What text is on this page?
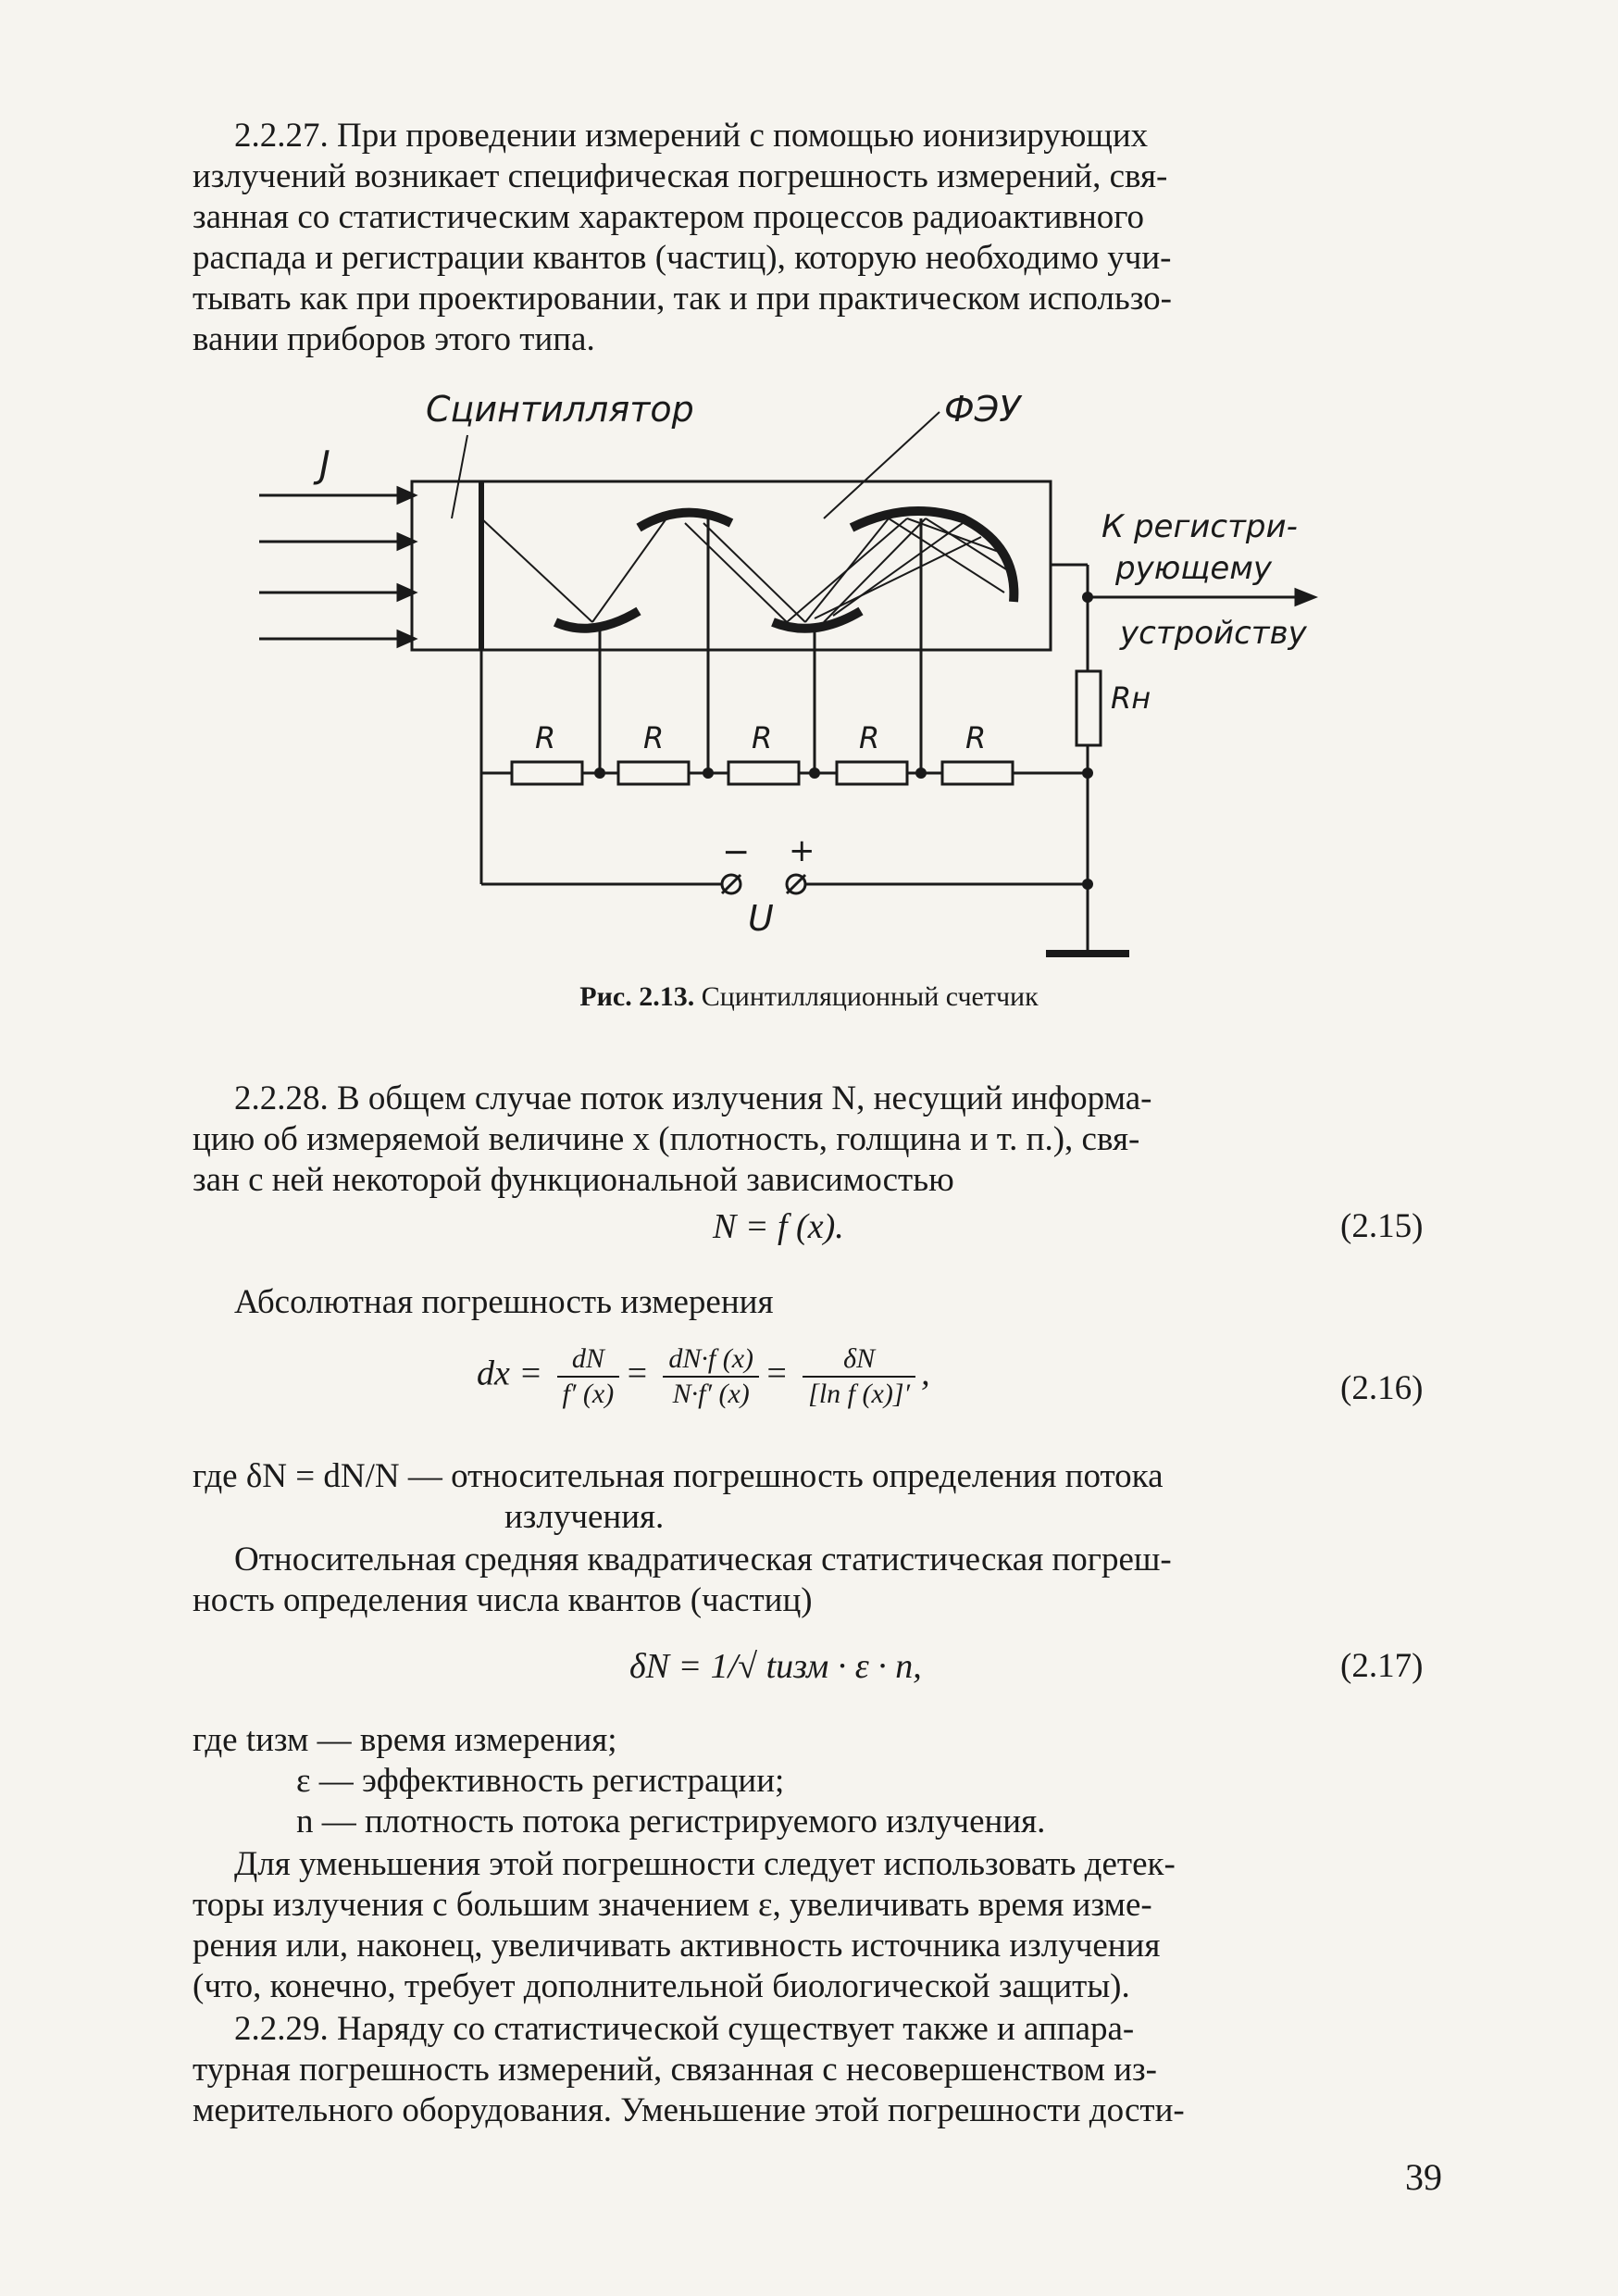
2.2.27. При проведении измерений с помощью ионизирующих
излучений возникает специфическая погрешность измерений, свя-
занная со статистическим характером процессов радиоактивного
распада и регистрации квантов (частиц), которую необходимо учи-
тывать как при проектировании, так и при практическом использо-
вании приборов этого типа.
Сцинтиллятор	ФЭУ
J
К регистри-
рующему
устройству
Rн
R	R	R	R	R
− +
U
Рис. 2.13. Сцинтилляционный счетчик
2.2.28. В общем случае поток излучения N, несущий информа-
цию об измеряемой величине x (плотность, голщина и т. п.), свя-
зан с ней некоторой функциональной зависимостью
N = f (x).	(2.15)
Абсолютная погрешность измерения
dx = $\frac{dN}{f' (x)} = \frac{dN\cdot f (x)}{N\cdot f' (x)} = \frac{\delta N}{\text{[ln f (x)]′}}$ ,	(2.16)
где δN = dN/N — относительная погрешность определения потока
излучения.
Относительная средняя квадратическая статистическая погреш-
ность определения числа квантов (частиц)
δN = 1/√ tизм · ε · n,	(2.17)
где tизм — время измерения;
ε — эффективность регистрации;
n — плотность потока регистрируемого излучения.
Для уменьшения этой погрешности следует использовать детек-
торы излучения с большим значением ε, увеличивать время изме-
рения или, наконец, увеличивать активность источника излучения
(что, конечно, требует дополнительной биологической защиты).
2.2.29. Наряду со статистической существует также и аппара-
турная погрешность измерений, связанная с несовершенством из-
мерительного оборудования. Уменьшение этой погрешности дости-
39
